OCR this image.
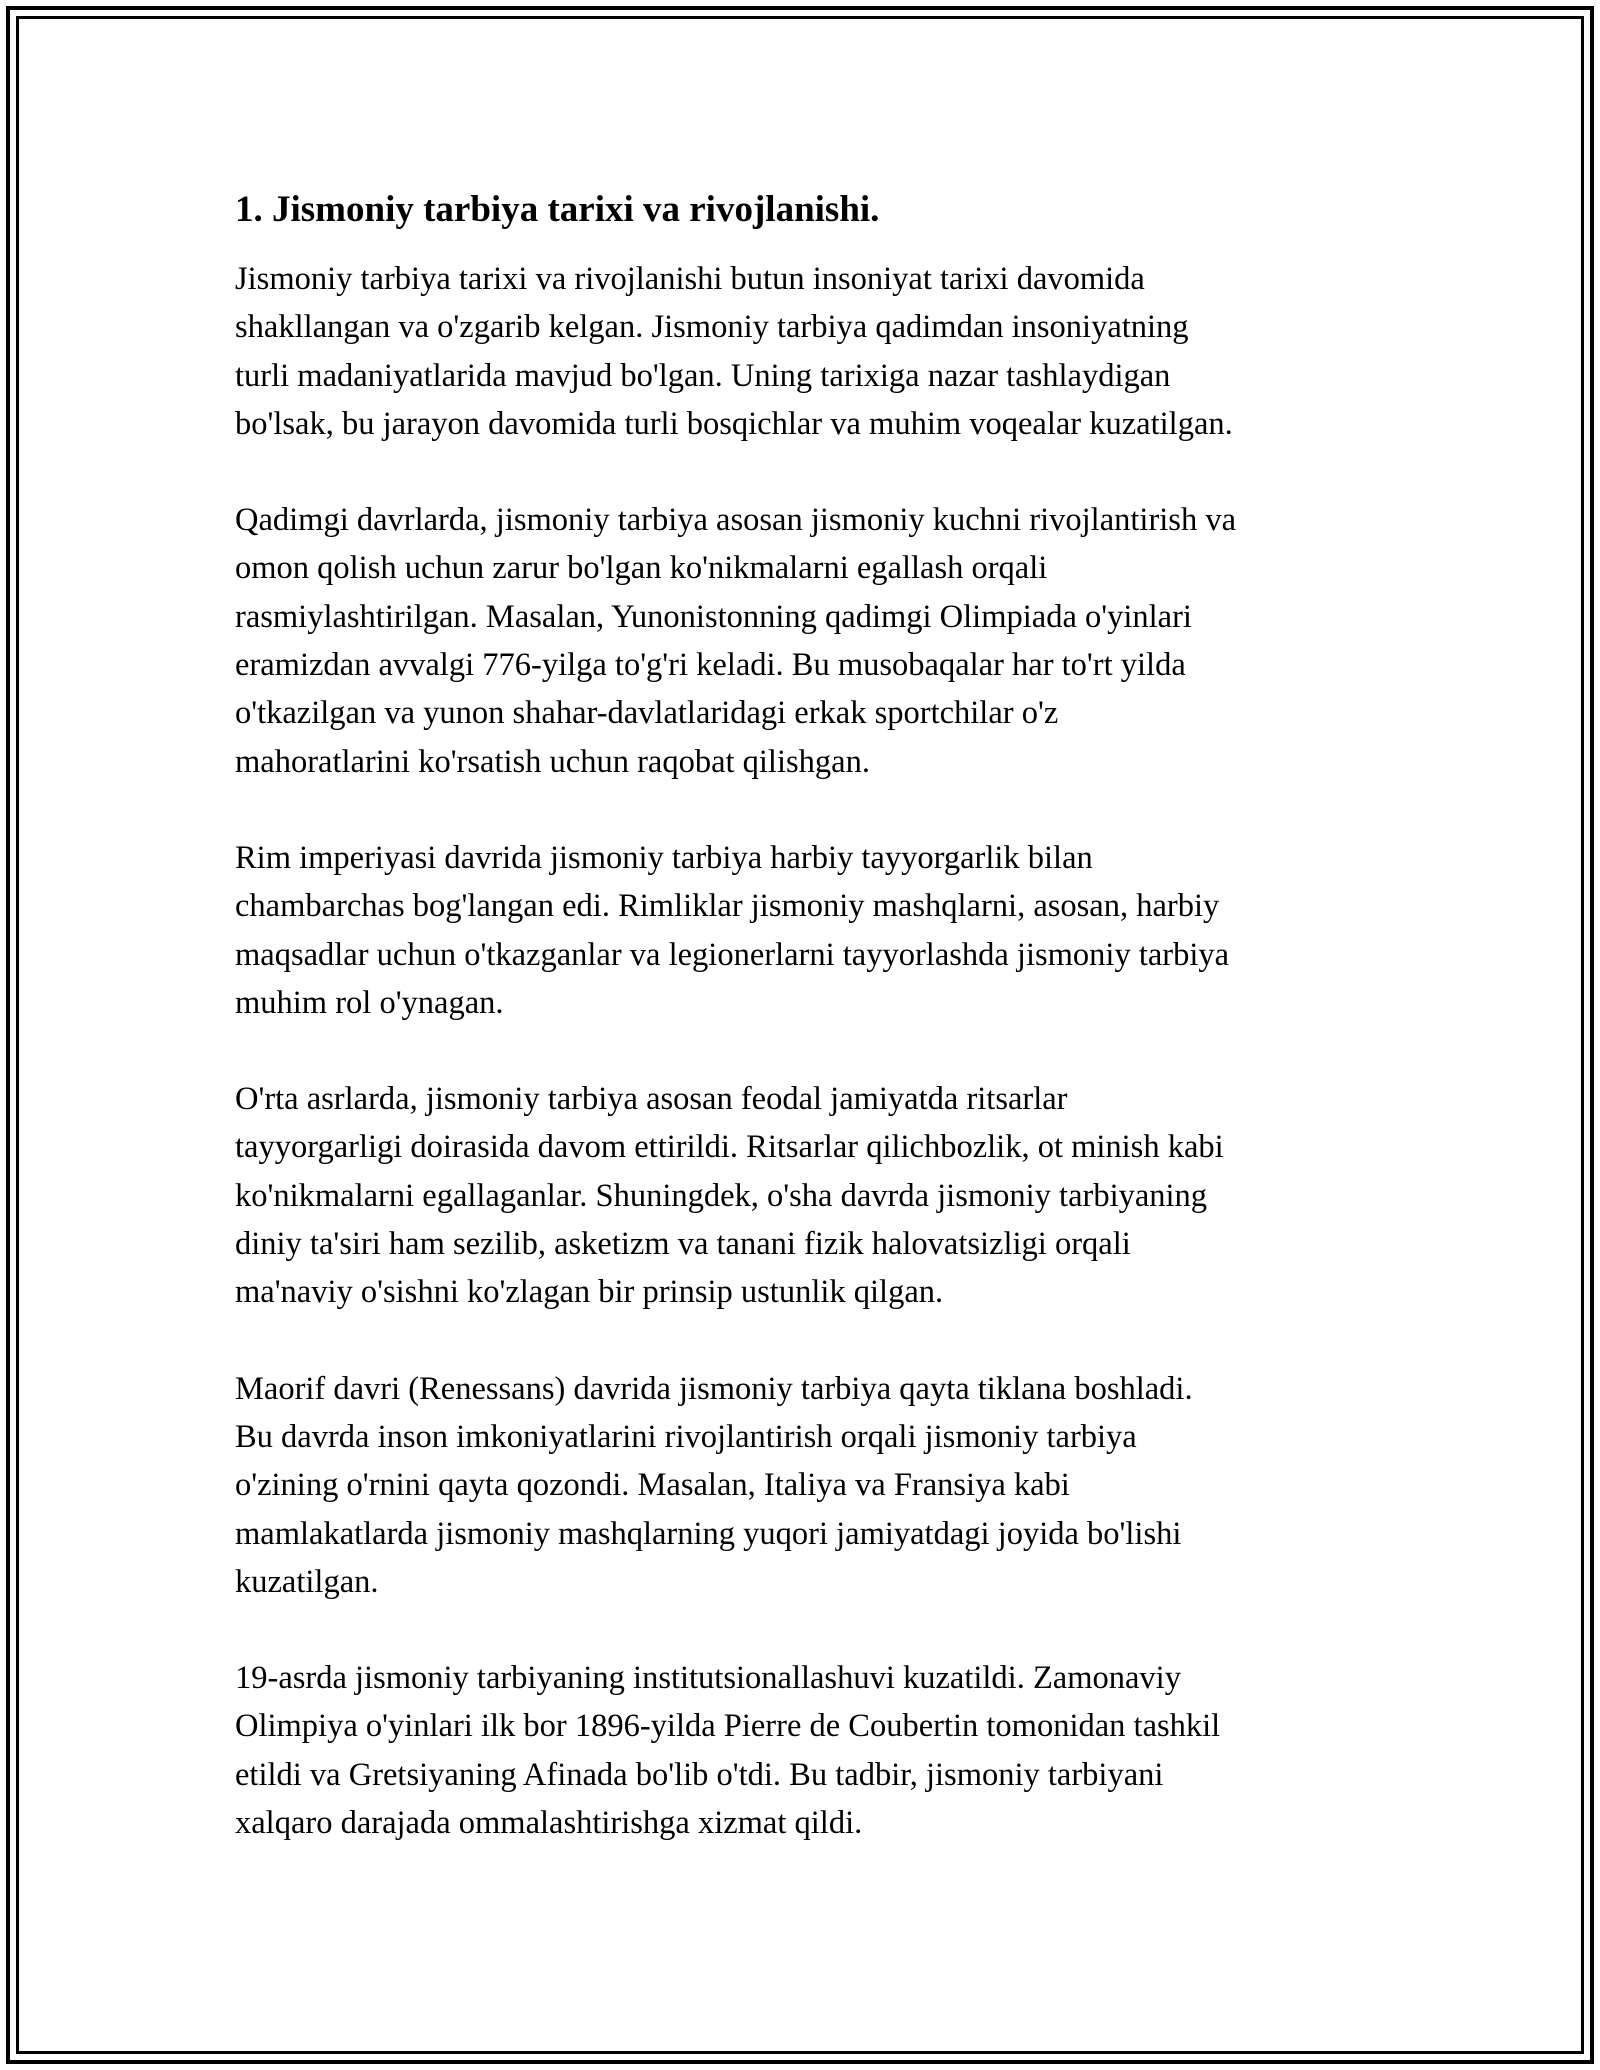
1. Jismoniy tarbiya tarixi va rivojlanishi.

Jismoniy tarbiya tarixi va rivojlanishi butun insoniyat tarixi davomida
shakllangan va o'zgarib kelgan. Jismoniy tarbiya qadimdan insoniyatning
turli madaniyatlarida mavjud bo'lgan. Uning tarixiga nazar tashlaydigan
bo'lsak, bu jarayon davomida turli bosqichlar va muhim voqealar kuzatilgan.

Qadimgi davrlarda, jismoniy tarbiya asosan jismoniy kuchni rivojlantirish va
omon qolish uchun zarur bo'lgan ko'nikmalarni egallash orqali
rasmiylashtirilgan. Masalan, Yunonistonning qadimgi Olimpiada o'yinlari
eramizdan avvalgi 776-yilga to'g'ri keladi. Bu musobaqalar har to'rt yilda
o'tkazilgan va yunon shahar-davlatlaridagi erkak sportchilar o'z
mahoratlarini ko'rsatish uchun raqobat qilishgan.

Rim imperiyasi davrida jismoniy tarbiya harbiy tayyorgarlik bilan
chambarchas bog'langan edi. Rimliklar jismoniy mashqlarni, asosan, harbiy
maqsadlar uchun o'tkazganlar va legionerlarni tayyorlashda jismoniy tarbiya
muhim rol o'ynagan.

O'rta asrlarda, jismoniy tarbiya asosan feodal jamiyatda ritsarlar
tayyorgarligi doirasida davom ettirildi. Ritsarlar qilichbozlik, ot minish kabi
ko'nikmalarni egallaganlar. Shuningdek, o'sha davrda jismoniy tarbiyaning
diniy ta'siri ham sezilib, asketizm va tanani fizik halovatsizligi orqali
ma'naviy o'sishni ko'zlagan bir prinsip ustunlik qilgan.

Maorif davri (Renessans) davrida jismoniy tarbiya qayta tiklana boshladi.
Bu davrda inson imkoniyatlarini rivojlantirish orqali jismoniy tarbiya
o'zining o'rnini qayta qozondi. Masalan, Italiya va Fransiya kabi
mamlakatlarda jismoniy mashqlarning yuqori jamiyatdagi joyida bo'lishi
kuzatilgan.

19-asrda jismoniy tarbiyaning institutsionallashuvi kuzatildi. Zamonaviy
Olimpiya o'yinlari ilk bor 1896-yilda Pierre de Coubertin tomonidan tashkil
etildi va Gretsiyaning Afinada bo'lib o'tdi. Bu tadbir, jismoniy tarbiyani
xalqaro darajada ommalashtirishga xizmat qildi.
